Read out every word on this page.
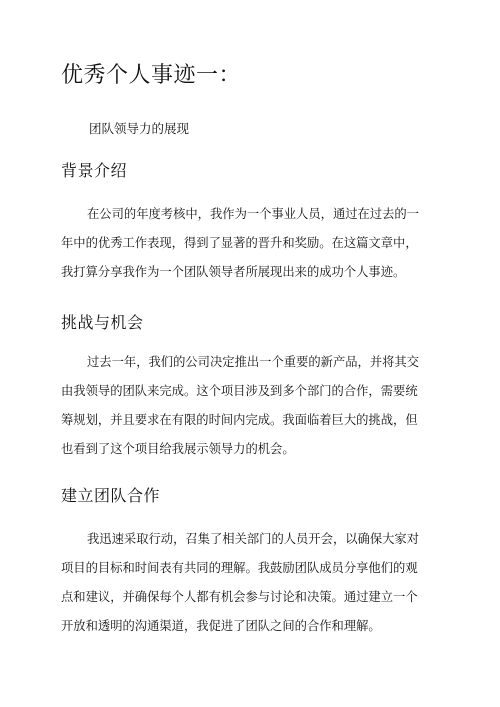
优秀个人事迹一：

团队领导力的展现

背景介绍
在公司的年度考核中，我作为一个事业人员，通过在过去的一
年中的优秀工作表现，得到了显著的晋升和奖励。在这篇文章中，
我打算分享我作为一个团队领导者所展现出来的成功个人事迹。
挑战与机会
过去一年，我们的公司决定推出一个重要的新产品，并将其交
由我领导的团队来完成。这个项目涉及到多个部门的合作，需要统
筹规划，并且要求在有限的时间内完成。我面临着巨大的挑战，但
也看到了这个项目给我展示领导力的机会。
建立团队合作
我迅速采取行动，召集了相关部门的人员开会，以确保大家对
项目的目标和时间表有共同的理解。我鼓励团队成员分享他们的观
点和建议，并确保每个人都有机会参与讨论和决策。通过建立一个
开放和透明的沟通渠道，我促进了团队之间的合作和理解。
